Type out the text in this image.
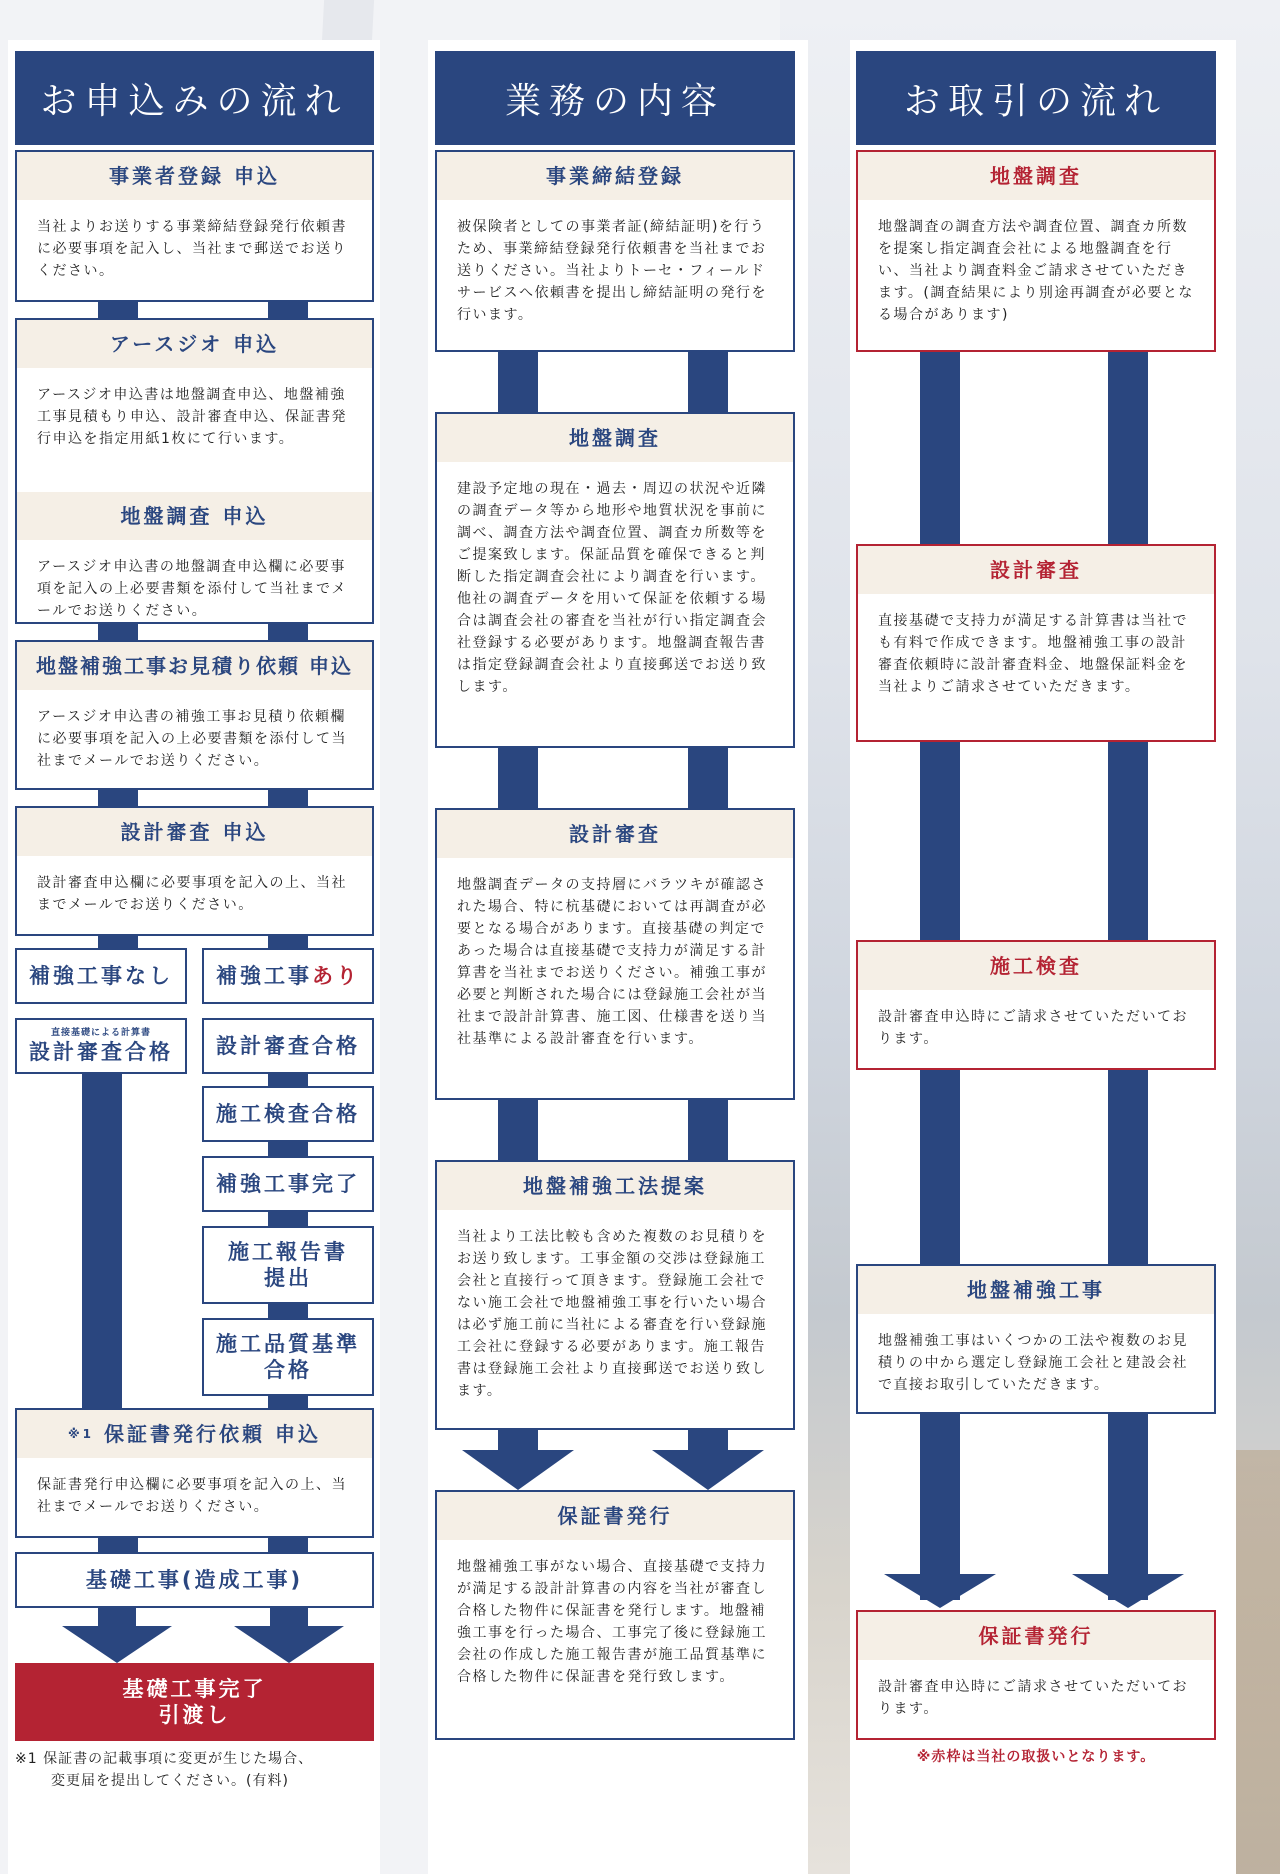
お申込みの流れ
事業者登録 申込
当社よりお送りする事業締結登録発行依頼書に必要事項を記入し、当社まで郵送でお送りください。
アースジオ 申込
アースジオ申込書は地盤調査申込、地盤補強工事見積もり申込、設計審査申込、保証書発行申込を指定用紙1枚にて行います。
地盤調査 申込
アースジオ申込書の地盤調査申込欄に必要事項を記入の上必要書類を添付して当社までメールでお送りください。
地盤補強工事お見積り依頼 申込
アースジオ申込書の補強工事お見積り依頼欄に必要事項を記入の上必要書類を添付して当社までメールでお送りください。
設計審査 申込
設計審査申込欄に必要事項を記入の上、当社までメールでお送りください。
補強工事なし 補強工事 あり
直接基礎による計算書
設計審査合格 設計審査合格
施工検査合格
補強工事完了
施工報告書
提出
施工品質基準
合格
$^{※1}$ 保証書発行依頼 申込
保証書発行申込欄に必要事項を記入の上、当 社までメールでお送りください。
基礎工事(造成工事)
基礎工事完了
引渡し
※1 保証書の記載事項に変更が生じた場合、
変更届を提出してください。(有料)
業務の内容
事業締結登録
被保険者としての事業者証(締結証明)を行うため、事業締結登録発行依頼書を当社までお送りください。当社よりトーセ・フィールドサービスへ依頼書を提出し締結証明の発行を行います。
地盤調査
建設予定地の現在・過去・周辺の状況や近隣の調査データ等から地形や地質状況を事前に調べ、調査方法や調査位置、調査カ所数等をご提案致します。保証品質を確保できると判断した指定調査会社により調査を行います。他社の調査データを用いて保証を依頼する場合は調査会社の審査を当社が行い指定調査会社登録する必要があります。地盤調査報告書は指定登録調査会社より直接郵送でお送り致します。
設計審査
地盤調査データの支持層にバラツキが確認された場合、特に杭基礎においては再調査が必要となる場合があります。直接基礎の判定であった場合は直接基礎で支持力が満足する計算書を当社までお送りください。補強工事が必要と判断された場合には登録施工会社が当社まで設計計算書、施工図、仕様書を送り当社基準による設計審査を行います。
地盤補強工法提案
当社より工法比較も含めた複数のお見積りをお送り致します。工事金額の交渉は登録施工会社と直接行って頂きます。登録施工会社でない施工会社で地盤補強工事を行いたい場合は必ず施工前に当社による審査を行い登録施工会社に登録する必要があります。施工報告書は登録施工会社より直接郵送でお送り致します。
保証書発行
地盤補強工事がない場合、直接基礎で支持力が満足する設計計算書の内容を当社が審査し合格した物件に保証書を発行します。地盤補強工事を行った場合、工事完了後に登録施工会社の作成した施工報告書が施工品質基準に合格した物件に保証書を発行致します。
お取引の流れ
地盤調査
地盤調査の調査方法や調査位置、調査カ所数を提案し指定調査会社による地盤調査を行い、当社より調査料金ご請求させていただきます。(調査結果により別途再調査が必要となる場合があります)
設計審査
直接基礎で支持力が満足する計算書は当社でも有料で作成できます。地盤補強工事の設計審査依頼時に設計審査料金、地盤保証料金を当社よりご請求させていただきます。
施工検査
設計審査申込時にご請求させていただいております。
地盤補強工事
地盤補強工事はいくつかの工法や複数のお見積りの中から選定し登録施工会社と建設会社で直接お取引していただきます。
保証書発行
設計審査申込時にご請求させていただいております。
※赤枠は当社の取扱いとなります。
